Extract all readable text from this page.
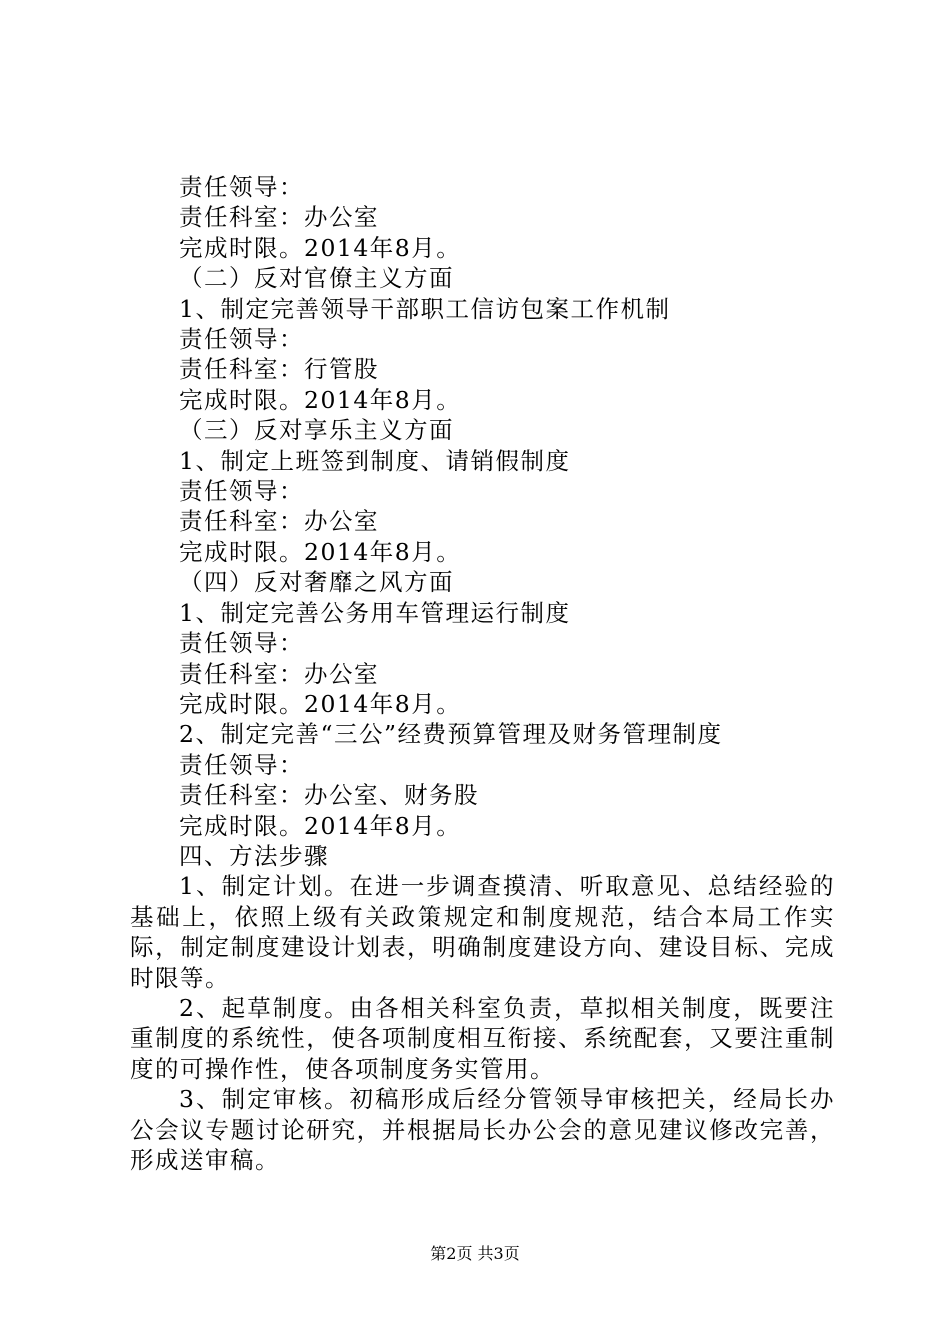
责任领导：
责任科室：办公室
完成时限。2014年8月。
（二）反对官僚主义方面
1、制定完善领导干部职工信访包案工作机制
责任领导：
责任科室：行管股
完成时限。2014年8月。
（三）反对享乐主义方面
1、制定上班签到制度、请销假制度
责任领导：
责任科室：办公室
完成时限。2014年8月。
（四）反对奢靡之风方面
1、制定完善公务用车管理运行制度
责任领导：
责任科室：办公室
完成时限。2014年8月。
2、制定完善“三公”经费预算管理及财务管理制度
责任领导：
责任科室：办公室、财务股
完成时限。2014年8月。
四、方法步骤

1、制定计划。在进一步调查摸清、听取意见、总结经验的基础上，依照上级有关政策规定和制度规范，结合本局工作实际，制定制度建设计划表，明确制度建设方向、建设目标、完成时限等。

2、起草制度。由各相关科室负责，草拟相关制度，既要注重制度的系统性，使各项制度相互衔接、系统配套，又要注重制度的可操作性，使各项制度务实管用。

3、制定审核。初稿形成后经分管领导审核把关，经局长办公会议专题讨论研究，并根据局长办公会的意见建议修改完善，形成送审稿。

第2页 共3页
